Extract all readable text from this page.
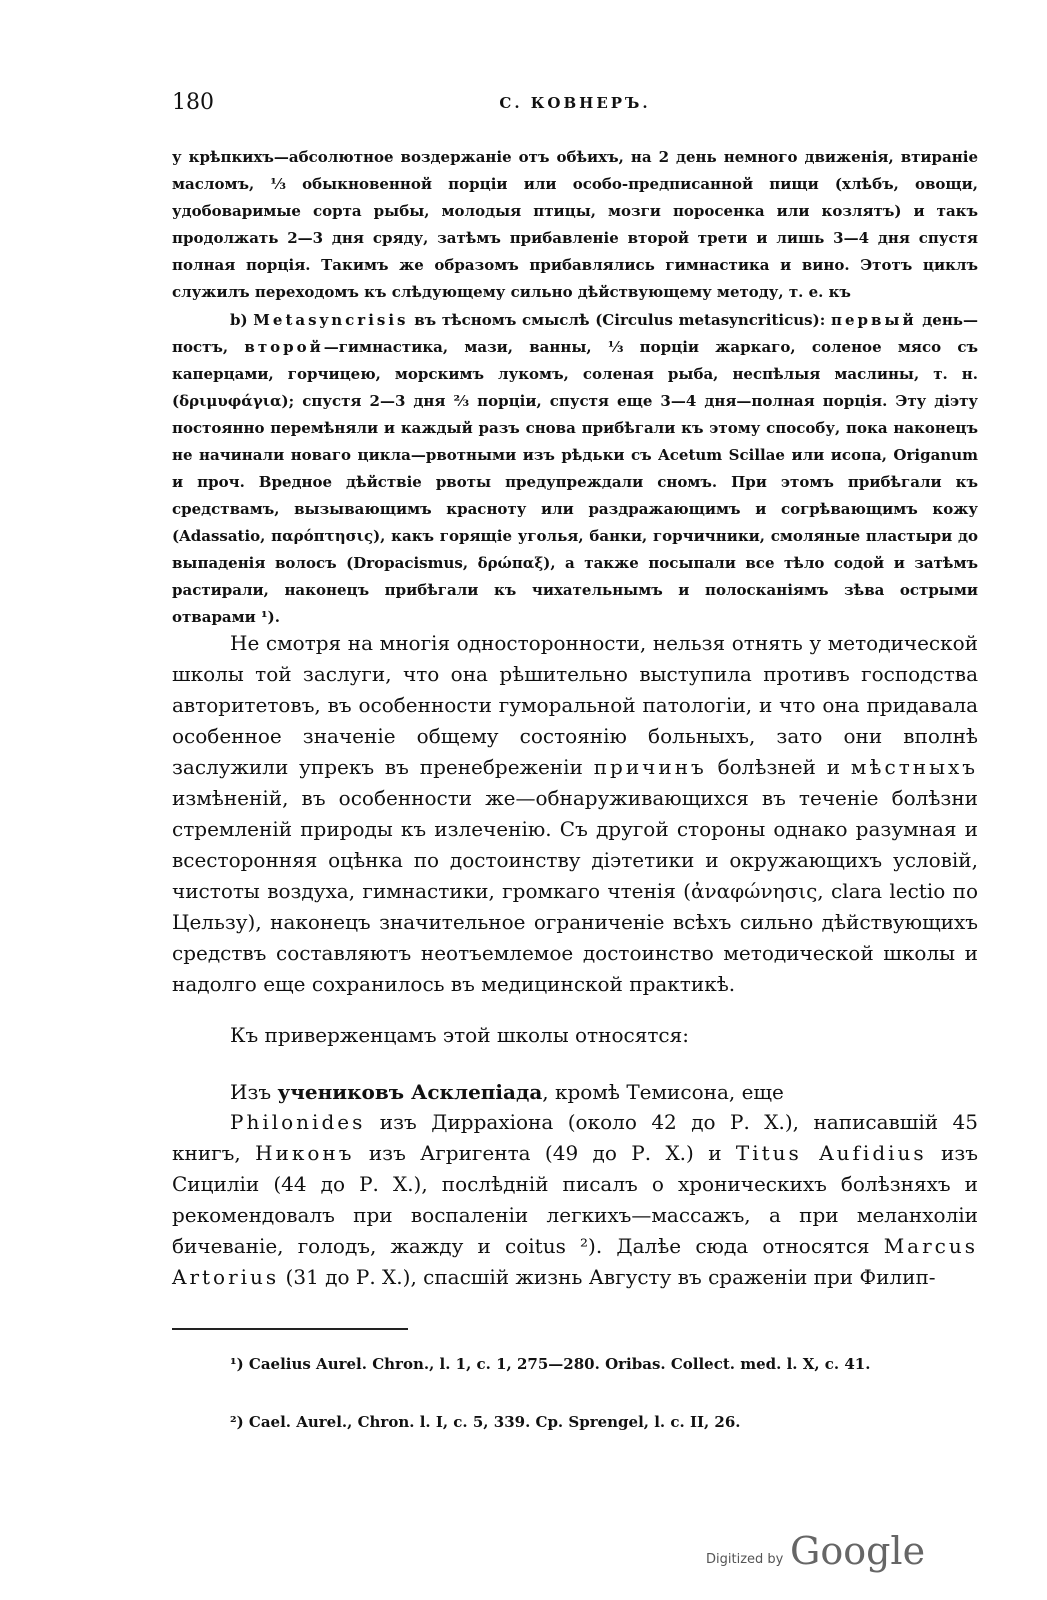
180	С. КОВНЕРЪ.

у крѣпкихъ—абсолютное воздержаніе отъ обѣихъ, на 2 день немного движенія, втираніе масломъ, ⅓ обыкновенной порціи или особо-предписанной пищи (хлѣбъ, овощи, удобоваримые сорта рыбы, молодыя птицы, мозги поросенка или козлятъ) и такъ продолжать 2—3 дня сряду, затѣмъ прибавленіе второй трети и лишь 3—4 дня спустя полная порція. Такимъ же образомъ прибавлялись гимнастика и вино. Этотъ циклъ служилъ переходомъ къ слѣдующему сильно дѣйствующему методу, т. е. къ

b) Metasyncrisis въ тѣсномъ смыслѣ (Circulus metasyncriticus): первый день—постъ, второй—гимнастика, мази, ванны, ⅓ порціи жаркаго, соленое мясо съ каперцами, горчицею, морскимъ лукомъ, соленая рыба, неспѣлыя маслины, т. н. (δριμυφάγια); спустя 2—3 дня ⅔ порціи, спустя еще 3—4 дня—полная порція. Эту діэту постоянно перемѣняли и каждый разъ снова прибѣгали къ этому способу, пока наконецъ не начинали новаго цикла—рвотными изъ рѣдьки съ Acetum Scillae или исопа, Origanum и проч. Вредное дѣйствіе рвоты предупреждали сномъ. При этомъ прибѣгали къ средствамъ, вызывающимъ красноту или раздражающимъ и согрѣвающимъ кожу (Adassatio, παρόπτησις), какъ горящіе уголья, банки, горчичники, смоляные пластыри до выпаденія волосъ (Dropacismus, δρώπαξ), а также посыпали все тѣло содой и затѣмъ растирали, наконецъ прибѣгали къ чихательнымъ и полосканіямъ зѣва острыми отварами ¹).

Не смотря на многія односторонности, нельзя отнять у методической школы той заслуги, что она рѣшительно выступила противъ господства авторитетовъ, въ особенности гуморальной патологіи, и что она придавала особенное значеніе общему состоянію больныхъ, зато они вполнѣ заслужили упрекъ въ пренебреженіи причинъ болѣзней и мѣстныхъ измѣненій, въ особенности же—обнаруживающихся въ теченіе болѣзни стремленій природы къ излеченію. Съ другой стороны однако разумная и всесторонняя оцѣнка по достоинству діэтетики и окружающихъ условій, чистоты воздуха, гимнастики, громкаго чтенія (ἀναφώνησις, clara lectio по Цельзу), наконецъ значительное ограниченіе всѣхъ сильно дѣйствующихъ средствъ составляютъ неотъемлемое достоинство методической школы и надолго еще сохранилось въ медицинской практикѣ.

Къ приверженцамъ этой школы относятся:

Изъ учениковъ Асклепіада, кромѣ Темисона, еще

Philonides изъ Диррахіона (около 42 до Р. Х.), написавшій 45 книгъ, Никонъ изъ Агригента (49 до Р. Х.) и Titus Aufidius изъ Сициліи (44 до Р. Х.), послѣдній писалъ о хроническихъ болѣзняхъ и рекомендовалъ при воспаленіи легкихъ—массажъ, а при меланхоліи бичеваніе, голодъ, жажду и coitus ²). Далѣе сюда относятся Marcus Artorius (31 до Р. Х.), спасшій жизнь Августу въ сраженіи при Филип-

¹) Caelius Aurel. Chron., l. 1, c. 1, 275—280. Oribas. Collect. med. l. X, c. 41.

²) Cael. Aurel., Chron. l. I, c. 5, 339. Cp. Sprengel, l. c. II, 26.

Digitized by Google
